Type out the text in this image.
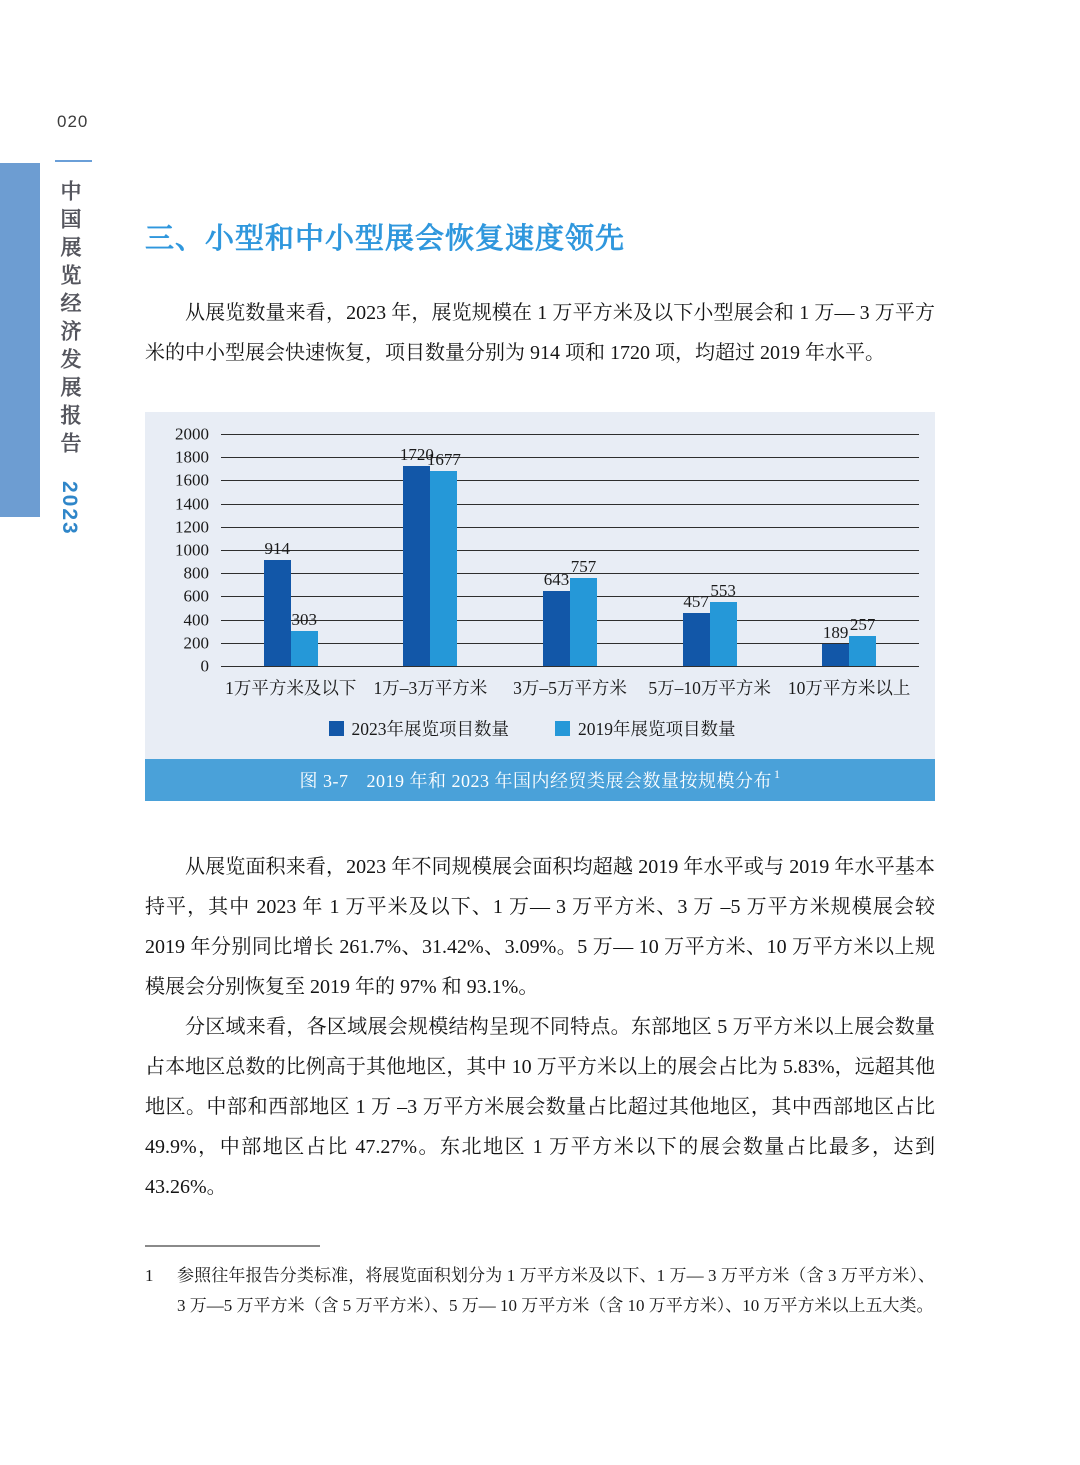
020
中国展览经济发展报告 2023
三、小型和中小型展会恢复速度领先

从展览数量来看，2023 年，展览规模在 1 万平方米及以下小型展会和 1 万— 3 万平方米的中小型展会快速恢复，项目数量分别为 914 项和 1720 项，均超过 2019 年水平。

2000
1800
1600
1400
1200
1000
800
600
400
200
0
914
303
1720
1677
643
757
457
553
189 257
1万平方米及以下 1万–3万平方米	3万–5万平方米	5万–10万平方米 10万平方米以上
2023年展览项目数量	2019年展览项目数量
图 3-7 2019 年和 2023 年国内经贸类展会数量按规模分布$^1$

从展览面积来看，2023 年不同规模展会面积均超越 2019 年水平或与 2019 年水平基本持平，其中 2023 年 1 万平米及以下、1 万— 3 万平方米、3 万 –5 万平方米规模展会较 2019 年分别同比增长 261.7%、31.42%、3.09%。5 万— 10 万平方米、10 万平方米以上规模展会分别恢复至 2019 年的 97% 和 93.1%。

分区域来看，各区域展会规模结构呈现不同特点。东部地区 5 万平方米以上展会数量占本地区总数的比例高于其他地区，其中 10 万平方米以上的展会占比为 5.83%，远超其他地区。中部和西部地区 1 万 –3 万平方米展会数量占比超过其他地区，其中西部地区占比 49.9%，中部地区占比 47.27%。东北地区 1 万平方米以下的展会数量占比最多，达到 43.26%。

1	参照往年报告分类标准，将展览面积划分为 1 万平方米及以下、1 万— 3 万平方米（含 3 万平方米）、3 万—5 万平方米（含 5 万平方米）、5 万— 10 万平方米（含 10 万平方米）、10 万平方米以上五大类。
